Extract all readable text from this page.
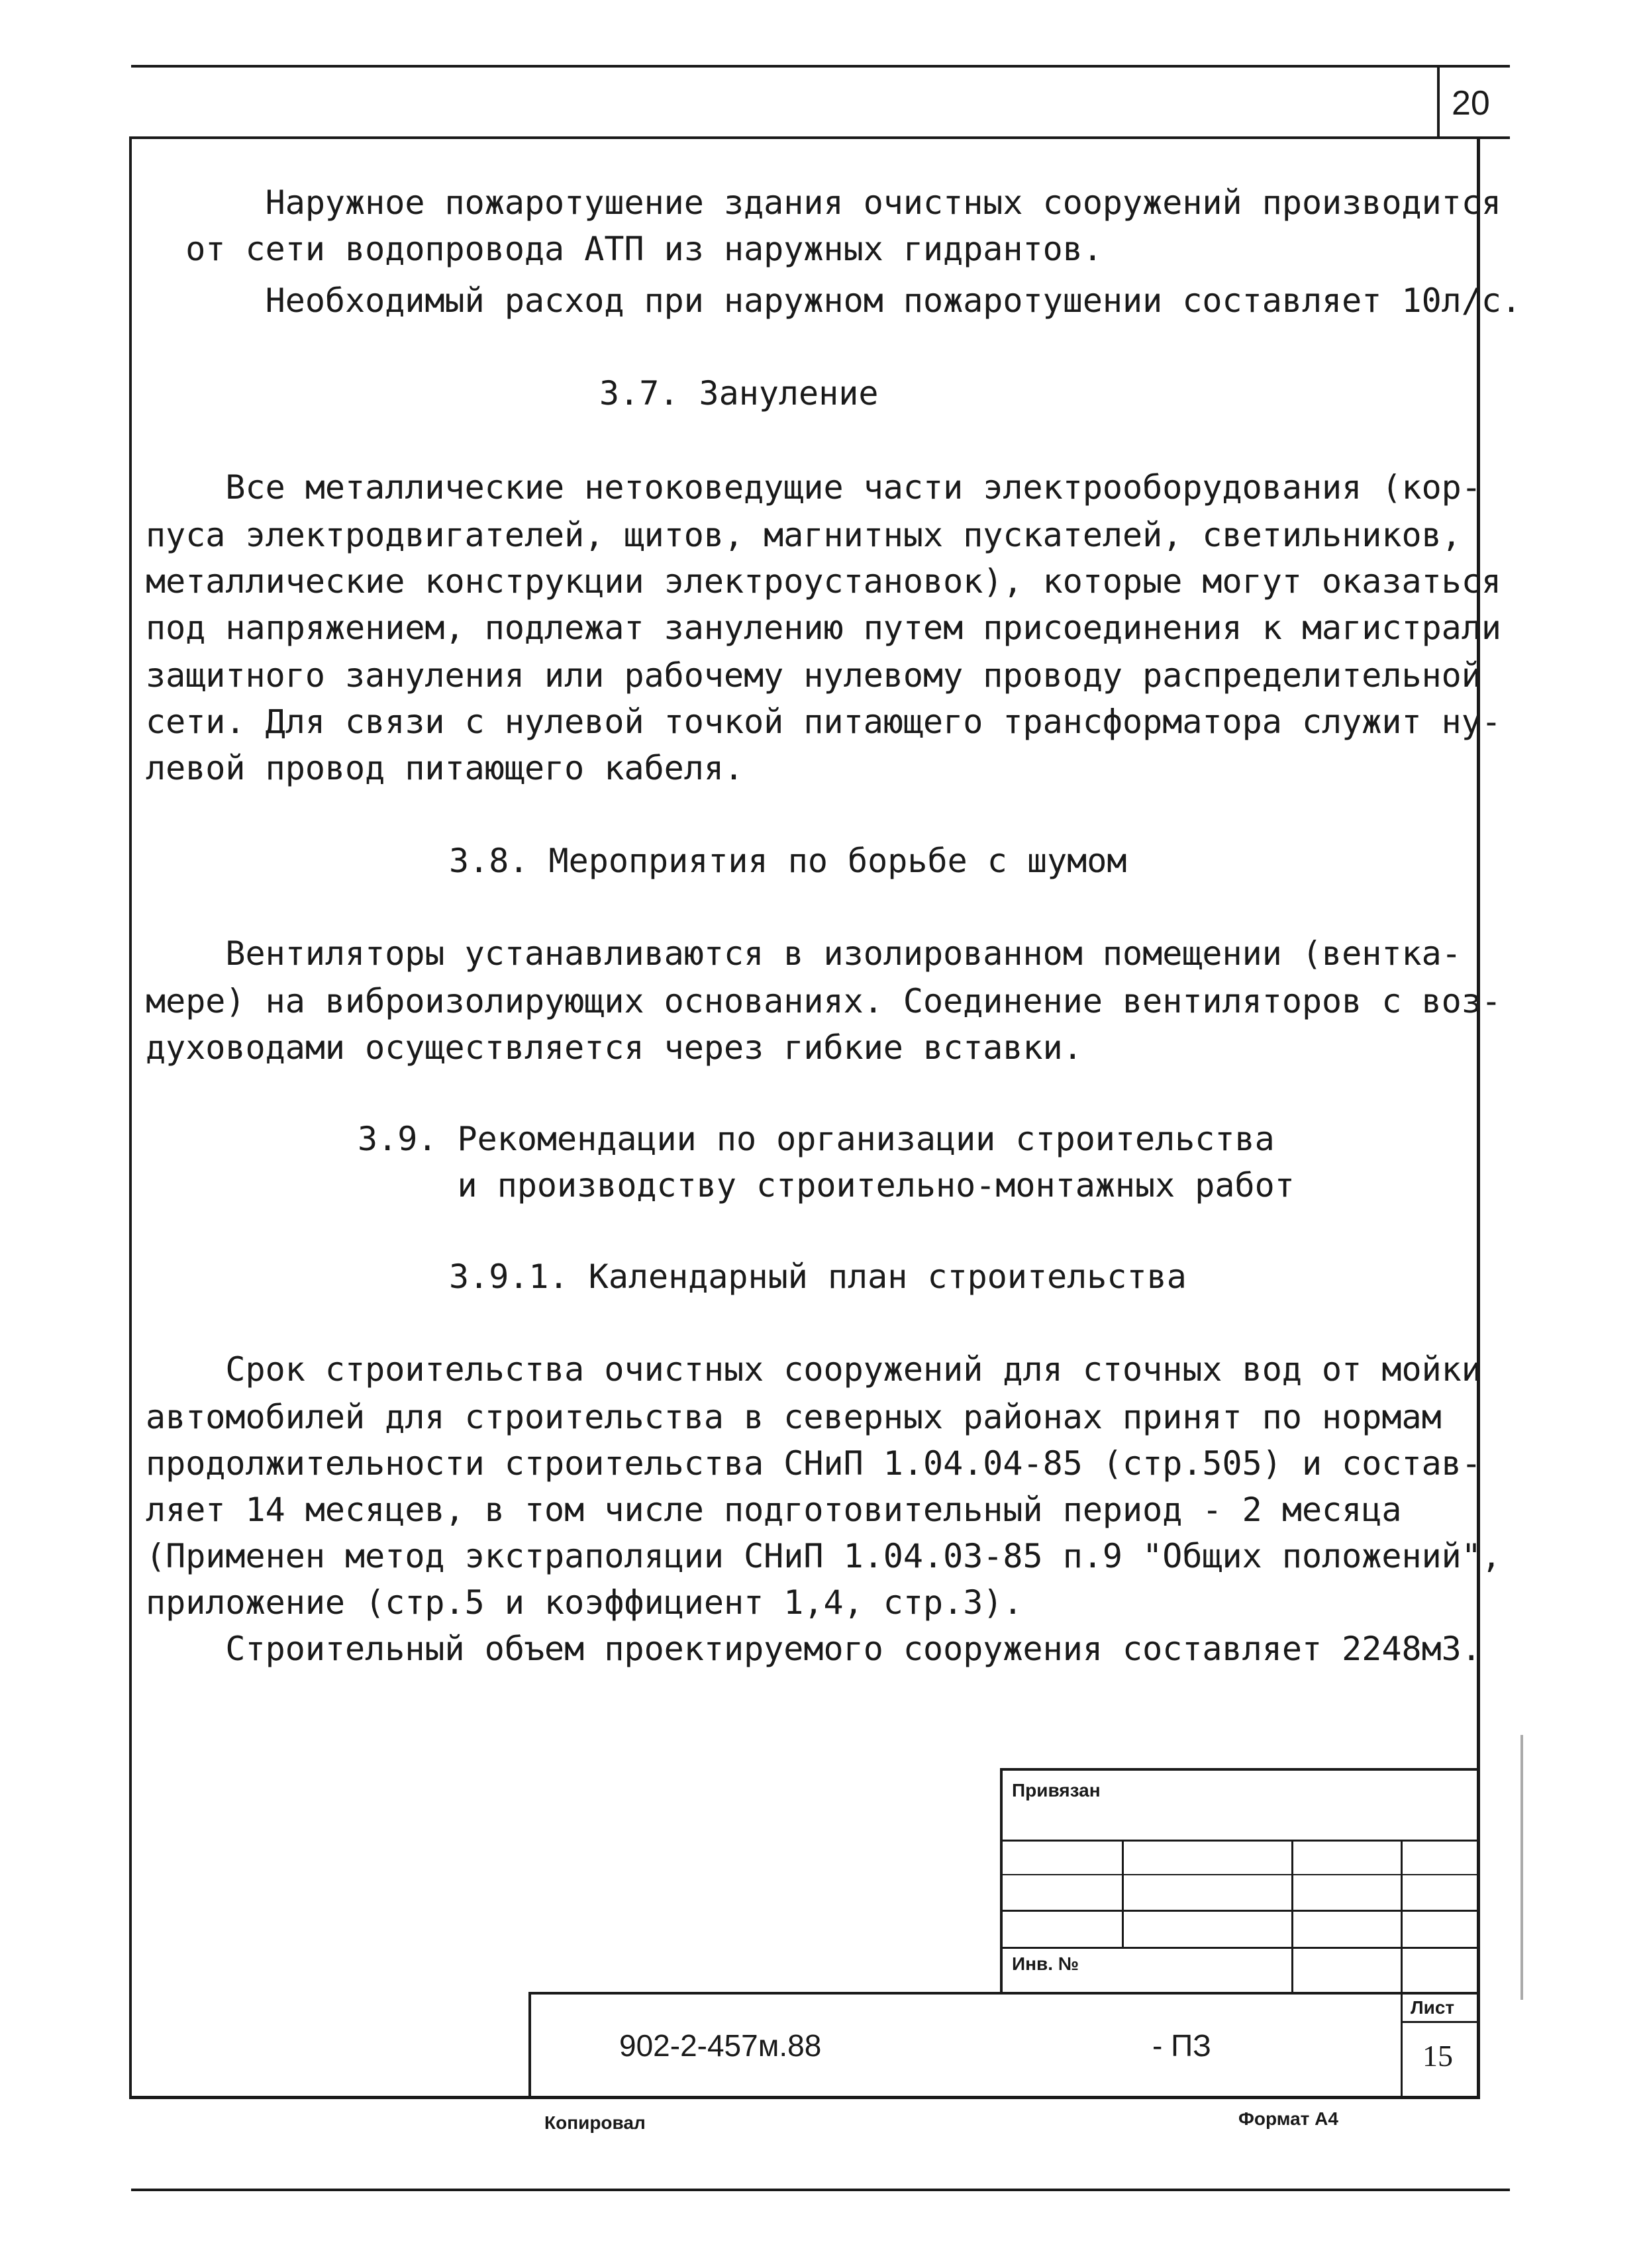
20
Наружное пожаротушение здания очистных сооружений производится
от сети водопровода АТП из наружных гидрантов.
Необходимый расход при наружном пожаротушении составляет 10л/с.
3.7. Зануление
Все металлические нетоковедущие части электрооборудования (кор-
пуса электродвигателей, щитов, магнитных пускателей, светильников,
металлические конструкции электроустановок), которые могут оказаться
под напряжением, подлежат занулению путем присоединения к магистрали
защитного зануления или рабочему нулевому проводу распределительной
сети. Для связи с нулевой точкой питающего трансформатора служит ну-
левой провод питающего кабеля.
3.8. Мероприятия по борьбе с шумом
Вентиляторы устанавливаются в изолированном помещении (вентка-
мере) на виброизолирующих основаниях. Соединение вентиляторов с воз-
духоводами осуществляется через гибкие вставки.
3.9. Рекомендации по организации строительства
и производству строительно-монтажных работ
3.9.1. Календарный план строительства
Срок строительства очистных сооружений для сточных вод от мойки
автомобилей для строительства в северных районах принят по нормам
продолжительности строительства СНиП 1.04.04-85 (стр.505) и состав-
ляет 14 месяцев, в том числе подготовительный период - 2 месяца
(Применен метод экстраполяции СНиП 1.04.03-85 п.9 "Общих положений",
приложение (стр.5 и коэффициент 1,4, стр.3).
Строительный объем проектируемого сооружения составляет 2248м3.
Привязан
Инв. №
902-2-457м.88	- ПЗ
Лист
15
Копировал	Формат А4
